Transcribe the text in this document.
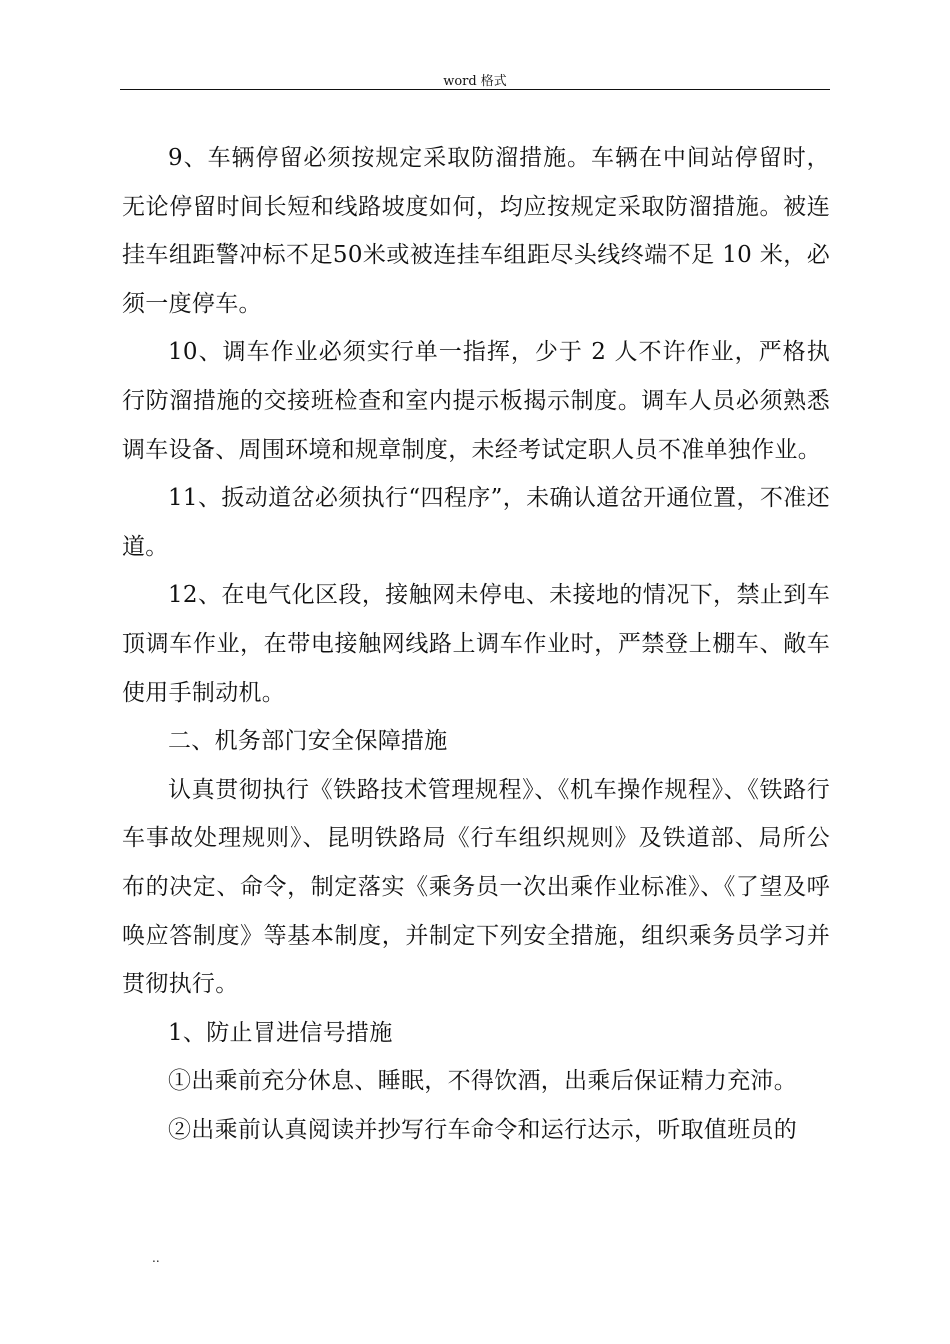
word 格式

9、车辆停留必须按规定采取防溜措施。车辆在中间站停留时，无论停留时间长短和线路坡度如何，均应按规定采取防溜措施。被连挂车组距警冲标不足50米或被连挂车组距尽头线终端不足 10 米，必须一度停车。

10、调车作业必须实行单一指挥，少于 2 人不许作业，严格执行防溜措施的交接班检查和室内提示板揭示制度。调车人员必须熟悉调车设备、周围环境和规章制度，未经考试定职人员不准单独作业。

11、扳动道岔必须执行“四程序”，未确认道岔开通位置，不准还道。

12、在电气化区段，接触网未停电、未接地的情况下，禁止到车顶调车作业，在带电接触网线路上调车作业时，严禁登上棚车、敞车使用手制动机。

二、机务部门安全保障措施

认真贯彻执行《铁路技术管理规程》、《机车操作规程》、《铁路行车事故处理规则》、昆明铁路局《行车组织规则》及铁道部、局所公布的决定、命令，制定落实《乘务员一次出乘作业标准》、《了望及呼唤应答制度》等基本制度，并制定下列安全措施，组织乘务员学习并贯彻执行。

1、防止冒进信号措施

①出乘前充分休息、睡眠，不得饮酒，出乘后保证精力充沛。

②出乘前认真阅读并抄写行车命令和运行达示，听取值班员的

..
